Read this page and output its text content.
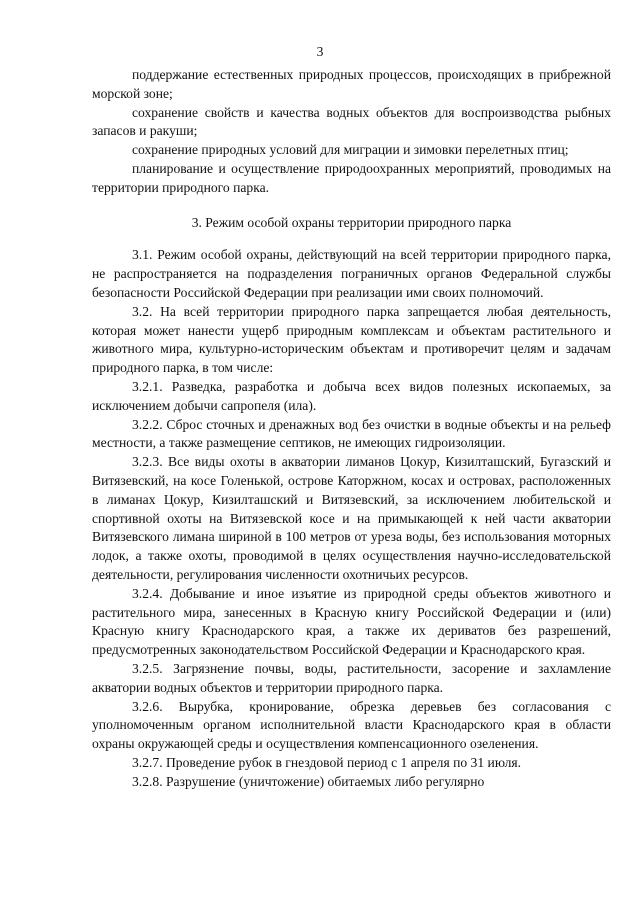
3

поддержание естественных природных процессов, происходящих в прибрежной морской зоне;

сохранение свойств и качества водных объектов для воспроизводства рыбных запасов и ракуши;

сохранение природных условий для миграции и зимовки перелетных птиц;

планирование и осуществление природоохранных мероприятий, проводимых на территории природного парка.

3. Режим особой охраны территории природного парка

3.1. Режим особой охраны, действующий на всей территории природного парка, не распространяется на подразделения пограничных органов Федеральной службы безопасности Российской Федерации при реализации ими своих полномочий.

3.2. На всей территории природного парка запрещается любая деятельность, которая может нанести ущерб природным комплексам и объектам растительного и животного мира, культурно-историческим объектам и противоречит целям и задачам природного парка, в том числе:

3.2.1. Разведка, разработка и добыча всех видов полезных ископаемых, за исключением добычи сапропеля (ила).

3.2.2. Сброс сточных и дренажных вод без очистки в водные объекты и на рельеф местности, а также размещение септиков, не имеющих гидроизоляции.

3.2.3. Все виды охоты в акватории лиманов Цокур, Кизилташский, Бугазский и Витязевский, на косе Голенькой, острове Каторжном, косах и островах, расположенных в лиманах Цокур, Кизилташский и Витязевский, за исключением любительской и спортивной охоты на Витязевской косе и на примыкающей к ней части акватории Витязевского лимана шириной в 100 метров от уреза воды, без использования моторных лодок, а также охоты, проводимой в целях осуществления научно-исследовательской деятельности, регулирования численности охотничьих ресурсов.

3.2.4. Добывание и иное изъятие из природной среды объектов животного и растительного мира, занесенных в Красную книгу Российской Федерации и (или) Красную книгу Краснодарского края, а также их дериватов без разрешений, предусмотренных законодательством Российской Федерации и Краснодарского края.

3.2.5. Загрязнение почвы, воды, растительности, засорение и захламление акватории водных объектов и территории природного парка.

3.2.6. Вырубка, кронирование, обрезка деревьев без согласования с уполномоченным органом исполнительной власти Краснодарского края в области охраны окружающей среды и осуществления компенсационного озеленения.

3.2.7. Проведение рубок в гнездовой период с 1 апреля по 31 июля.

3.2.8. Разрушение (уничтожение) обитаемых либо регулярно
